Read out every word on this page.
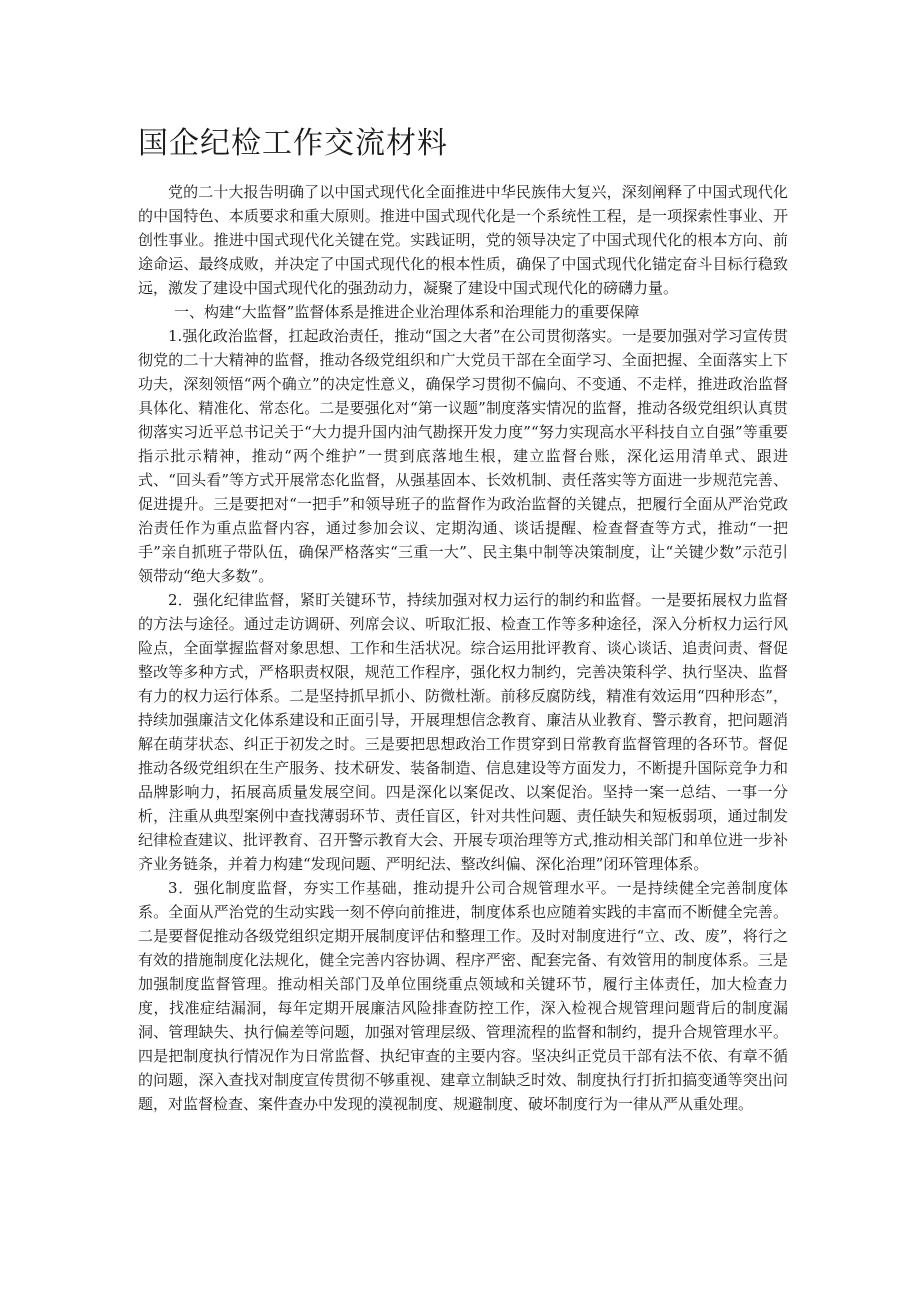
国企纪检工作交流材料

党的二十大报告明确了以中国式现代化全面推进中华民族伟大复兴，深刻阐释了中国式现代化的中国特色、本质要求和重大原则。推进中国式现代化是一个系统性工程，是一项探索性事业、开创性事业。推进中国式现代化关键在党。实践证明，党的领导决定了中国式现代化的根本方向、前途命运、最终成败，并决定了中国式现代化的根本性质，确保了中国式现代化锚定奋斗目标行稳致远，激发了建设中国式现代化的强劲动力，凝聚了建设中国式现代化的磅礴力量。

一、构建“大监督”监督体系是推进企业治理体系和治理能力的重要保障

1.强化政治监督，扛起政治责任，推动“国之大者”在公司贯彻落实。一是要加强对学习宣传贯彻党的二十大精神的监督，推动各级党组织和广大党员干部在全面学习、全面把握、全面落实上下功夫，深刻领悟“两个确立”的决定性意义，确保学习贯彻不偏向、不变通、不走样，推进政治监督具体化、精准化、常态化。二是要强化对“第一议题”制度落实情况的监督，推动各级党组织认真贯彻落实习近平总书记关于“大力提升国内油气勘探开发力度”“努力实现高水平科技自立自强”等重要指示批示精神，推动“两个维护”一贯到底落地生根，建立监督台账，深化运用清单式、跟进式、“回头看”等方式开展常态化监督，从强基固本、长效机制、责任落实等方面进一步规范完善、促进提升。三是要把对“一把手”和领导班子的监督作为政治监督的关键点，把履行全面从严治党政治责任作为重点监督内容，通过参加会议、定期沟通、谈话提醒、检查督查等方式，推动“一把手”亲自抓班子带队伍，确保严格落实“三重一大”、民主集中制等决策制度，让“关键少数”示范引领带动“绝大多数”。

2．强化纪律监督，紧盯关键环节，持续加强对权力运行的制约和监督。一是要拓展权力监督的方法与途径。通过走访调研、列席会议、听取汇报、检查工作等多种途径，深入分析权力运行风险点，全面掌握监督对象思想、工作和生活状况。综合运用批评教育、谈心谈话、追责问责、督促整改等多种方式，严格职责权限，规范工作程序，强化权力制约，完善决策科学、执行坚决、监督有力的权力运行体系。二是坚持抓早抓小、防微杜渐。前移反腐防线，精准有效运用“四种形态”，持续加强廉洁文化体系建设和正面引导，开展理想信念教育、廉洁从业教育、警示教育，把问题消解在萌芽状态、纠正于初发之时。三是要把思想政治工作贯穿到日常教育监督管理的各环节。督促推动各级党组织在生产服务、技术研发、装备制造、信息建设等方面发力，不断提升国际竞争力和品牌影响力，拓展高质量发展空间。四是深化以案促改、以案促治。坚持一案一总结、一事一分析，注重从典型案例中查找薄弱环节、责任盲区，针对共性问题、责任缺失和短板弱项，通过制发纪律检查建议、批评教育、召开警示教育大会、开展专项治理等方式,推动相关部门和单位进一步补齐业务链条，并着力构建“发现问题、严明纪法、整改纠偏、深化治理”闭环管理体系。

3．强化制度监督，夯实工作基础，推动提升公司合规管理水平。一是持续健全完善制度体系。全面从严治党的生动实践一刻不停向前推进，制度体系也应随着实践的丰富而不断健全完善。二是要督促推动各级党组织定期开展制度评估和整理工作。及时对制度进行“立、改、废”，将行之有效的措施制度化法规化，健全完善内容协调、程序严密、配套完备、有效管用的制度体系。三是加强制度监督管理。推动相关部门及单位围绕重点领域和关键环节，履行主体责任，加大检查力度，找准症结漏洞，每年定期开展廉洁风险排查防控工作，深入检视合规管理问题背后的制度漏洞、管理缺失、执行偏差等问题，加强对管理层级、管理流程的监督和制约，提升合规管理水平。四是把制度执行情况作为日常监督、执纪审查的主要内容。坚决纠正党员干部有法不依、有章不循的问题，深入查找对制度宣传贯彻不够重视、建章立制缺乏时效、制度执行打折扣搞变通等突出问题，对监督检查、案件查办中发现的漠视制度、规避制度、破坏制度行为一律从严从重处理。
